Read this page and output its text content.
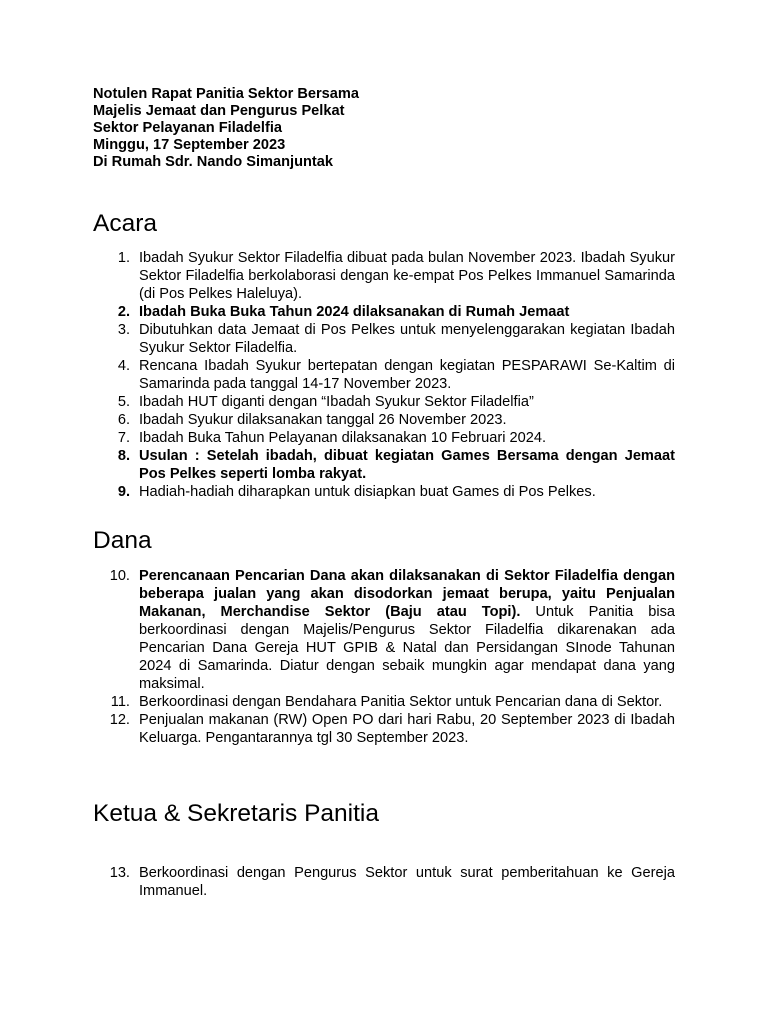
Notulen Rapat Panitia Sektor Bersama
Majelis Jemaat dan Pengurus Pelkat
Sektor Pelayanan Filadelfia
Minggu, 17 September 2023
Di Rumah Sdr. Nando Simanjuntak
Acara
1. Ibadah Syukur Sektor Filadelfia dibuat pada bulan November 2023. Ibadah Syukur Sektor Filadelfia berkolaborasi dengan ke-empat Pos Pelkes Immanuel Samarinda (di Pos Pelkes Haleluya).
2. Ibadah Buka Buka Tahun 2024 dilaksanakan di Rumah Jemaat
3. Dibutuhkan data Jemaat di Pos Pelkes untuk menyelenggarakan kegiatan Ibadah Syukur Sektor Filadelfia.
4. Rencana Ibadah Syukur bertepatan dengan kegiatan PESPARAWI Se-Kaltim di Samarinda pada tanggal 14-17 November 2023.
5. Ibadah HUT diganti dengan “Ibadah Syukur Sektor Filadelfia”
6. Ibadah Syukur dilaksanakan tanggal 26 November 2023.
7. Ibadah Buka Tahun Pelayanan dilaksanakan 10 Februari 2024.
8. Usulan : Setelah ibadah, dibuat kegiatan Games Bersama dengan Jemaat Pos Pelkes seperti lomba rakyat.
9. Hadiah-hadiah diharapkan untuk disiapkan buat Games di Pos Pelkes.
Dana
10. Perencanaan Pencarian Dana akan dilaksanakan di Sektor Filadelfia dengan beberapa jualan yang akan disodorkan jemaat berupa, yaitu Penjualan Makanan, Merchandise Sektor (Baju atau Topi). Untuk Panitia bisa berkoordinasi dengan Majelis/Pengurus Sektor Filadelfia dikarenakan ada Pencarian Dana Gereja HUT GPIB & Natal dan Persidangan SInode Tahunan 2024 di Samarinda. Diatur dengan sebaik mungkin agar mendapat dana yang maksimal.
11. Berkoordinasi dengan Bendahara Panitia Sektor untuk Pencarian dana di Sektor.
12. Penjualan makanan (RW) Open PO dari hari Rabu, 20 September 2023 di Ibadah Keluarga. Pengantarannya tgl 30 September 2023.
Ketua & Sekretaris Panitia
13. Berkoordinasi dengan Pengurus Sektor untuk surat pemberitahuan ke Gereja Immanuel.
